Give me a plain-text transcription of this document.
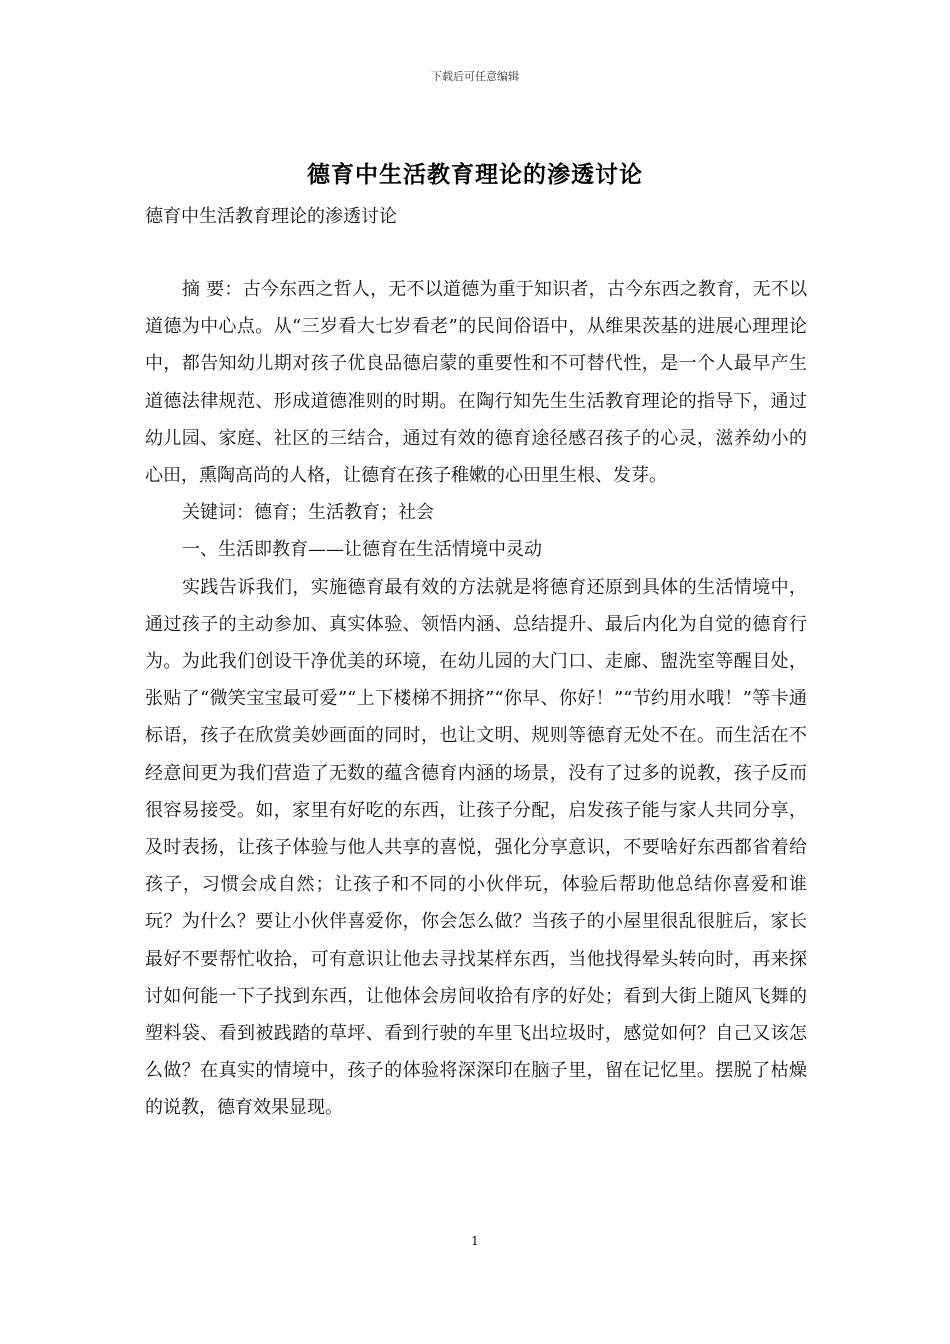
下载后可任意编辑
德育中生活教育理论的渗透讨论
德育中生活教育理论的渗透讨论

摘 要：古今东西之哲人，无不以道德为重于知识者，古今东西之教育，无不以道德为中心点。从“三岁看大七岁看老”的民间俗语中，从维果茨基的进展心理理论中，都告知幼儿期对孩子优良品德启蒙的重要性和不可替代性，是一个人最早产生道德法律规范、形成道德准则的时期。在陶行知先生生活教育理论的指导下，通过幼儿园、家庭、社区的三结合，通过有效的德育途径感召孩子的心灵，滋养幼小的心田，熏陶高尚的人格，让德育在孩子稚嫩的心田里生根、发芽。

关键词：德育；生活教育；社会

一、生活即教育——让德育在生活情境中灵动

实践告诉我们，实施德育最有效的方法就是将德育还原到具体的生活情境中，通过孩子的主动参加、真实体验、领悟内涵、总结提升、最后内化为自觉的德育行为。为此我们创设干净优美的环境，在幼儿园的大门口、走廊、盥洗室等醒目处，张贴了“微笑宝宝最可爱”“上下楼梯不拥挤”“你早、你好！”“节约用水哦！”等卡通标语，孩子在欣赏美妙画面的同时，也让文明、规则等德育无处不在。而生活在不经意间更为我们营造了无数的蕴含德育内涵的场景，没有了过多的说教，孩子反而很容易接受。如，家里有好吃的东西，让孩子分配，启发孩子能与家人共同分享，及时表扬，让孩子体验与他人共享的喜悦，强化分享意识，不要啥好东西都省着给孩子，习惯会成自然；让孩子和不同的小伙伴玩，体验后帮助他总结你喜爱和谁玩？为什么？要让小伙伴喜爱你，你会怎么做？当孩子的小屋里很乱很脏后，家长最好不要帮忙收拾，可有意识让他去寻找某样东西，当他找得晕头转向时，再来探讨如何能一下子找到东西，让他体会房间收拾有序的好处；看到大街上随风飞舞的塑料袋、看到被践踏的草坪、看到行驶的车里飞出垃圾时，感觉如何？自己又该怎么做？在真实的情境中，孩子的体验将深深印在脑子里，留在记忆里。摆脱了枯燥的说教，德育效果显现。

1
